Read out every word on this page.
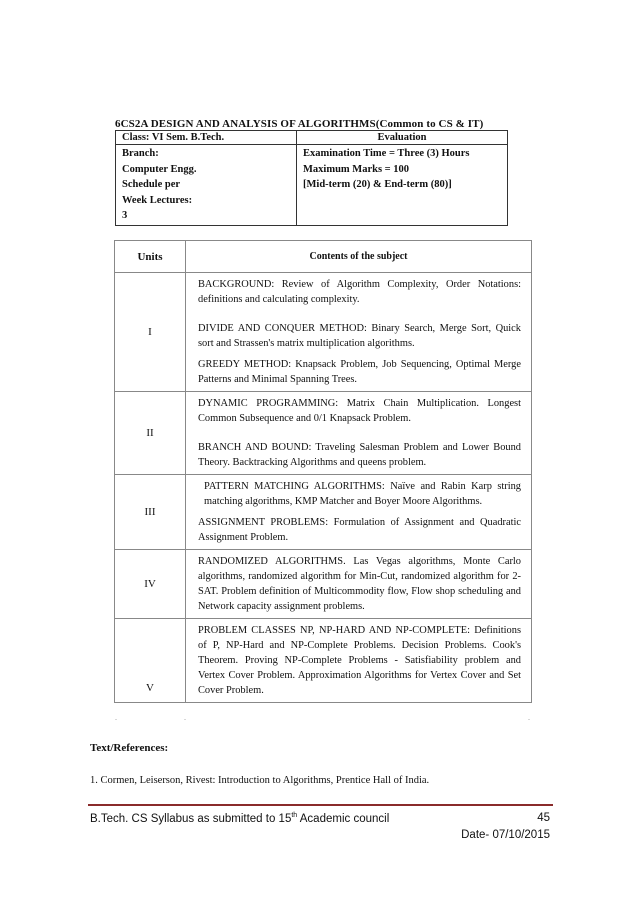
6CS2A DESIGN AND ANALYSIS OF ALGORITHMS(Common to CS & IT)
Class: VI Sem. B.Tech.	Evaluation

Branch:
Computer Engg.
Schedule per
Week Lectures:
3	Examination Time = Three (3) Hours
Maximum Marks = 100
[Mid-term (20) & End-term (80)]
Units	Contents of the subject
I	BACKGROUND: Review of Algorithm Complexity, Order Notations: definitions and calculating complexity.

DIVIDE AND CONQUER METHOD: Binary Search, Merge Sort, Quick sort and Strassen's matrix multiplication algorithms.

GREEDY METHOD: Knapsack Problem, Job Sequencing, Optimal Merge Patterns and Minimal Spanning Trees.

II	DYNAMIC PROGRAMMING: Matrix Chain Multiplication. Longest Common Subsequence and 0/1 Knapsack Problem.

BRANCH AND BOUND: Traveling Salesman Problem and Lower Bound Theory. Backtracking Algorithms and queens problem.

III	PATTERN MATCHING ALGORITHMS: Naïve and Rabin Karp string matching algorithms, KMP Matcher and Boyer Moore Algorithms.

ASSIGNMENT PROBLEMS: Formulation of Assignment and Quadratic Assignment Problem.

IV	RANDOMIZED ALGORITHMS. Las Vegas algorithms, Monte Carlo algorithms, randomized algorithm for Min-Cut, randomized algorithm for 2- SAT. Problem definition of Multicommodity flow, Flow shop scheduling and Network capacity assignment problems.

V	PROBLEM CLASSES NP, NP-HARD AND NP-COMPLETE: Definitions of P, NP-Hard and NP-Complete Problems. Decision Problems. Cook's Theorem. Proving NP-Complete Problems - Satisfiability problem and Vertex Cover Problem. Approximation Algorithms for Vertex Cover and Set Cover Problem.

.	.	.
Text/References:
1. Cormen, Leiserson, Rivest: Introduction to Algorithms, Prentice Hall of India.
B.Tech. CS Syllabus as submitted to 15th Academic council	45
Date- 07/10/2015
